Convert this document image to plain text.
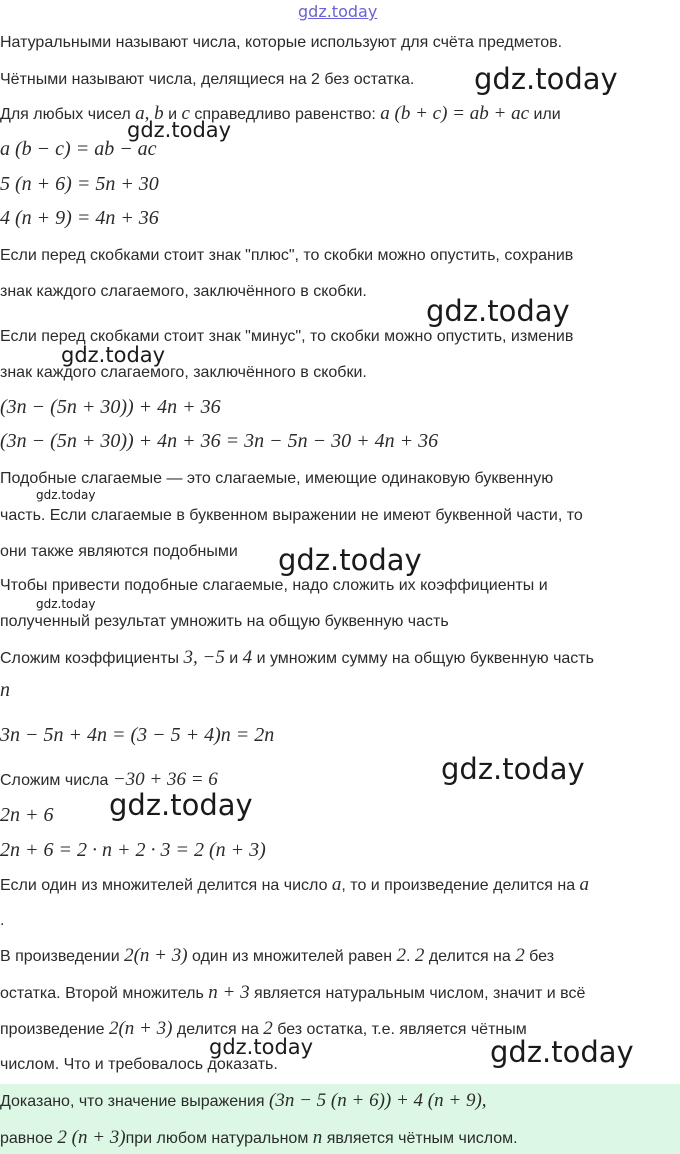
Натуральными называют числа, которые используют для счёта предметов.
Чётными называют числа, делящиеся на 2 без остатка.
Для любых чисел a, b и c справедливо равенство: a (b + c) = ab + ac или
a (b − c) = ab − ac
5 (n + 6) = 5n + 30
4 (n + 9) = 4n + 36
Если перед скобками стоит знак "плюс", то скобки можно опустить, сохранив
знак каждого слагаемого, заключённого в скобки.
Если перед скобками стоит знак "минус", то скобки можно опустить, изменив
знак каждого слагаемого, заключённого в скобки.
(3n − (5n + 30)) + 4n + 36
(3n − (5n + 30)) + 4n + 36 = 3n − 5n − 30 + 4n + 36
Подобные слагаемые — это слагаемые, имеющие одинаковую буквенную
часть. Если слагаемые в буквенном выражении не имеют буквенной части, то
они также являются подобными
Чтобы привести подобные слагаемые, надо сложить их коэффициенты и
полученный результат умножить на общую буквенную часть
Сложим коэффициенты 3, −5 и 4 и умножим сумму на общую буквенную часть
n
3n − 5n + 4n = (3 − 5 + 4)n = 2n
Сложим числа −30 + 36 = 6
2n + 6
2n + 6 = 2 · n + 2 · 3 = 2 (n + 3)
Если один из множителей делится на число a, то и произведение делится на a
.
В произведении 2(n + 3) один из множителей равен 2. 2 делится на 2 без
остатка. Второй множитель n + 3 является натуральным числом, значит и всё
произведение 2(n + 3) делится на 2 без остатка, т.е. является чётным
числом. Что и требовалось доказать.
Доказано, что значение выражения (3n − 5 (n + 6)) + 4 (n + 9),
равное 2 (n + 3)при любом натуральном n является чётным числом.
gdz.today
gdz.today
gdz.today
gdz.today
gdz.today
gdz.today
gdz.today
gdz.today
gdz.today
gdz.today
gdz.today	gdz.today
